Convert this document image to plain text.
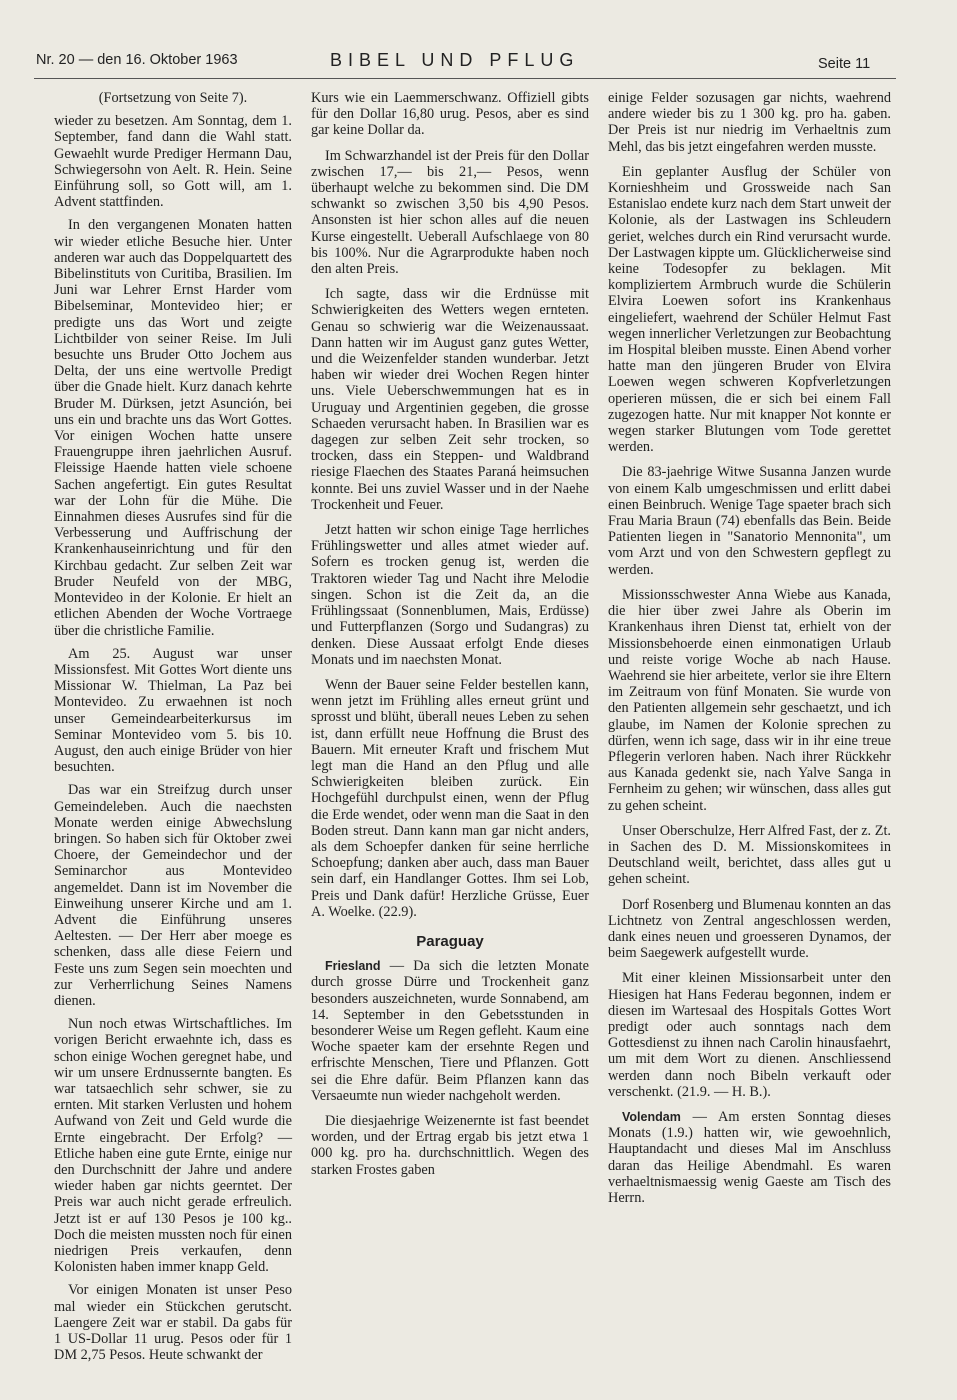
Nr. 20 — den 16. Oktober 1963	BIBEL UND PFLUG	Seite 11

(Fortsetzung von Seite 7).

wieder zu besetzen. Am Sonntag, dem 1. September, fand dann die Wahl statt. Gewaehlt wurde Prediger Hermann Dau, Schwiegersohn von Aelt. R. Hein. Seine Einführung soll, so Gott will, am 1. Advent stattfinden.

In den vergangenen Monaten hatten wir wieder etliche Besuche hier. Unter anderen war auch das Doppelquartett des Bibelinstituts von Curitiba, Brasilien. Im Juni war Lehrer Ernst Harder vom Bibelseminar, Montevideo hier; er predigte uns das Wort und zeigte Lichtbilder von seiner Reise. Im Juli besuchte uns Bruder Otto Jochem aus Delta, der uns eine wertvolle Predigt über die Gnade hielt. Kurz danach kehrte Bruder M. Dürksen, jetzt Asunción, bei uns ein und brachte uns das Wort Gottes. Vor einigen Wochen hatte unsere Frauengruppe ihren jaehrlichen Ausruf. Fleissige Haende hatten viele schoene Sachen angefertigt. Ein gutes Resultat war der Lohn für die Mühe. Die Einnahmen dieses Ausrufes sind für die Verbesserung und Auffrischung der Krankenhauseinrichtung und für den Kirchbau gedacht. Zur selben Zeit war Bruder Neufeld von der MBG, Montevideo in der Kolonie. Er hielt an etlichen Abenden der Woche Vortraege über die christliche Familie.

Am 25. August war unser Missionsfest. Mit Gottes Wort diente uns Missionar W. Thielman, La Paz bei Montevideo. Zu erwaehnen ist noch unser Gemeindearbeiterkursus im Seminar Montevideo vom 5. bis 10. August, den auch einige Brüder von hier besuchten.

Das war ein Streifzug durch unser Gemeindeleben. Auch die naechsten Monate werden einige Abwechslung bringen. So haben sich für Oktober zwei Choere, der Gemeindechor und der Seminarchor aus Montevideo angemeldet. Dann ist im November die Einweihung unserer Kirche und am 1. Advent die Einführung unseres Aeltesten. — Der Herr aber moege es schenken, dass alle diese Feiern und Feste uns zum Segen sein moechten und zur Verherrlichung Seines Namens dienen.

Nun noch etwas Wirtschaftliches. Im vorigen Bericht erwaehnte ich, dass es schon einige Wochen geregnet habe, und wir um unsere Erdnussernte bangten. Es war tatsaechlich sehr schwer, sie zu ernten. Mit starken Verlusten und hohem Aufwand von Zeit und Geld wurde die Ernte eingebracht. Der Erfolg? — Etliche haben eine gute Ernte, einige nur den Durchschnitt der Jahre und andere wieder haben gar nichts geerntet. Der Preis war auch nicht gerade erfreulich. Jetzt ist er auf 130 Pesos je 100 kg.. Doch die meisten mussten noch für einen niedrigen Preis verkaufen, denn Kolonisten haben immer knapp Geld.

Vor einigen Monaten ist unser Peso mal wieder ein Stückchen gerutscht. Laengere Zeit war er stabil. Da gabs für 1 US-Dollar 11 urug. Pesos oder für 1 DM 2,75 Pesos. Heute schwankt der

Kurs wie ein Laemmerschwanz. Offiziell gibts für den Dollar 16,80 urug. Pesos, aber es sind gar keine Dollar da.

Im Schwarzhandel ist der Preis für den Dollar zwischen 17,— bis 21,— Pesos, wenn überhaupt welche zu bekommen sind. Die DM schwankt so zwischen 3,50 bis 4,90 Pesos. Ansonsten ist hier schon alles auf die neuen Kurse eingestellt. Ueberall Aufschlaege von 80 bis 100%. Nur die Agrarprodukte haben noch den alten Preis.

Ich sagte, dass wir die Erdnüsse mit Schwierigkeiten des Wetters wegen ernteten. Genau so schwierig war die Weizenaussaat. Dann hatten wir im August ganz gutes Wetter, und die Weizenfelder standen wunderbar. Jetzt haben wir wieder drei Wochen Regen hinter uns. Viele Ueberschwemmungen hat es in Uruguay und Argentinien gegeben, die grosse Schaeden verursacht haben. In Brasilien war es dagegen zur selben Zeit sehr trocken, so trocken, dass ein Steppen- und Waldbrand riesige Flaechen des Staates Paraná heimsuchen konnte. Bei uns zuviel Wasser und in der Naehe Trockenheit und Feuer.

Jetzt hatten wir schon einige Tage herrliches Frühlingswetter und alles atmet wieder auf. Sofern es trocken genug ist, werden die Traktoren wieder Tag und Nacht ihre Melodie singen. Schon ist die Zeit da, an die Frühlingssaat (Sonnenblumen, Mais, Erdüsse) und Futterpflanzen (Sorgo und Sudangras) zu denken. Diese Aussaat erfolgt Ende dieses Monats und im naechsten Monat.

Wenn der Bauer seine Felder bestellen kann, wenn jetzt im Frühling alles erneut grünt und sprosst und blüht, überall neues Leben zu sehen ist, dann erfüllt neue Hoffnung die Brust des Bauern. Mit erneuter Kraft und frischem Mut legt man die Hand an den Pflug und alle Schwierigkeiten bleiben zurück. Ein Hochgefühl durchpulst einen, wenn der Pflug die Erde wendet, oder wenn man die Saat in den Boden streut. Dann kann man gar nicht anders, als dem Schoepfer danken für seine herrliche Schoepfung; danken aber auch, dass man Bauer sein darf, ein Handlanger Gottes. Ihm sei Lob, Preis und Dank dafür! Herzliche Grüsse, Euer A. Woelke. (22.9).

Paraguay

Friesland — Da sich die letzten Monate durch grosse Dürre und Trockenheit ganz besonders auszeichneten, wurde Sonnabend, am 14. September in den Gebetsstunden in besonderer Weise um Regen gefleht. Kaum eine Woche spaeter kam der ersehnte Regen und erfrischte Menschen, Tiere und Pflanzen. Gott sei die Ehre dafür. Beim Pflanzen kann das Versaeumte nun wieder nachgeholt werden.

Die diesjaehrige Weizenernte ist fast beendet worden, und der Ertrag ergab bis jetzt etwa 1 000 kg. pro ha. durchschnittlich. Wegen des starken Frostes gaben

einige Felder sozusagen gar nichts, waehrend andere wieder bis zu 1 300 kg. pro ha. gaben. Der Preis ist nur niedrig im Verhaeltnis zum Mehl, das bis jetzt eingefahren werden musste.

Ein geplanter Ausflug der Schüler von Kornieshheim und Grossweide nach San Estanislao endete kurz nach dem Start unweit der Kolonie, als der Lastwagen ins Schleudern geriet, welches durch ein Rind verursacht wurde. Der Lastwagen kippte um. Glücklicherweise sind keine Todesopfer zu beklagen. Mit kompliziertem Armbruch wurde die Schülerin Elvira Loewen sofort ins Krankenhaus eingeliefert, waehrend der Schüler Helmut Fast wegen innerlicher Verletzungen zur Beobachtung im Hospital bleiben musste. Einen Abend vorher hatte man den jüngeren Bruder von Elvira Loewen wegen schweren Kopfverletzungen operieren müssen, die er sich bei einem Fall zugezogen hatte. Nur mit knapper Not konnte er wegen starker Blutungen vom Tode gerettet werden.

Die 83-jaehrige Witwe Susanna Janzen wurde von einem Kalb umgeschmissen und erlitt dabei einen Beinbruch. Wenige Tage spaeter brach sich Frau Maria Braun (74) ebenfalls das Bein. Beide Patienten liegen in "Sanatorio Mennonita", um vom Arzt und von den Schwestern gepflegt zu werden.

Missionsschwester Anna Wiebe aus Kanada, die hier über zwei Jahre als Oberin im Krankenhaus ihren Dienst tat, erhielt von der Missionsbehoerde einen einmonatigen Urlaub und reiste vorige Woche ab nach Hause. Waehrend sie hier arbeitete, verlor sie ihre Eltern im Zeitraum von fünf Monaten. Sie wurde von den Patienten allgemein sehr geschaetzt, und ich glaube, im Namen der Kolonie sprechen zu dürfen, wenn ich sage, dass wir in ihr eine treue Pflegerin verloren haben. Nach ihrer Rückkehr aus Kanada gedenkt sie, nach Yalve Sanga in Fernheim zu gehen; wir wünschen, dass alles gut zu gehen scheint.

Unser Oberschulze, Herr Alfred Fast, der z. Zt. in Sachen des D. M. Missionskomitees in Deutschland weilt, berichtet, dass alles gut u gehen scheint.

Dorf Rosenberg und Blumenau konnten an das Lichtnetz von Zentral angeschlossen werden, dank eines neuen und groesseren Dynamos, der beim Saegewerk aufgestellt wurde.

Mit einer kleinen Missionsarbeit unter den Hiesigen hat Hans Federau begonnen, indem er diesen im Wartesaal des Hospitals Gottes Wort predigt oder auch sonntags nach dem Gottesdienst zu ihnen nach Carolin hinausfaehrt, um mit dem Wort zu dienen. Anschliessend werden dann noch Bibeln verkauft oder verschenkt. (21.9. — H. B.).

Volendam — Am ersten Sonntag dieses Monats (1.9.) hatten wir, wie gewoehnlich, Hauptandacht und dieses Mal im Anschluss daran das Heilige Abendmahl. Es waren verhaeltnismaessig wenig Gaeste am Tisch des Herrn.
